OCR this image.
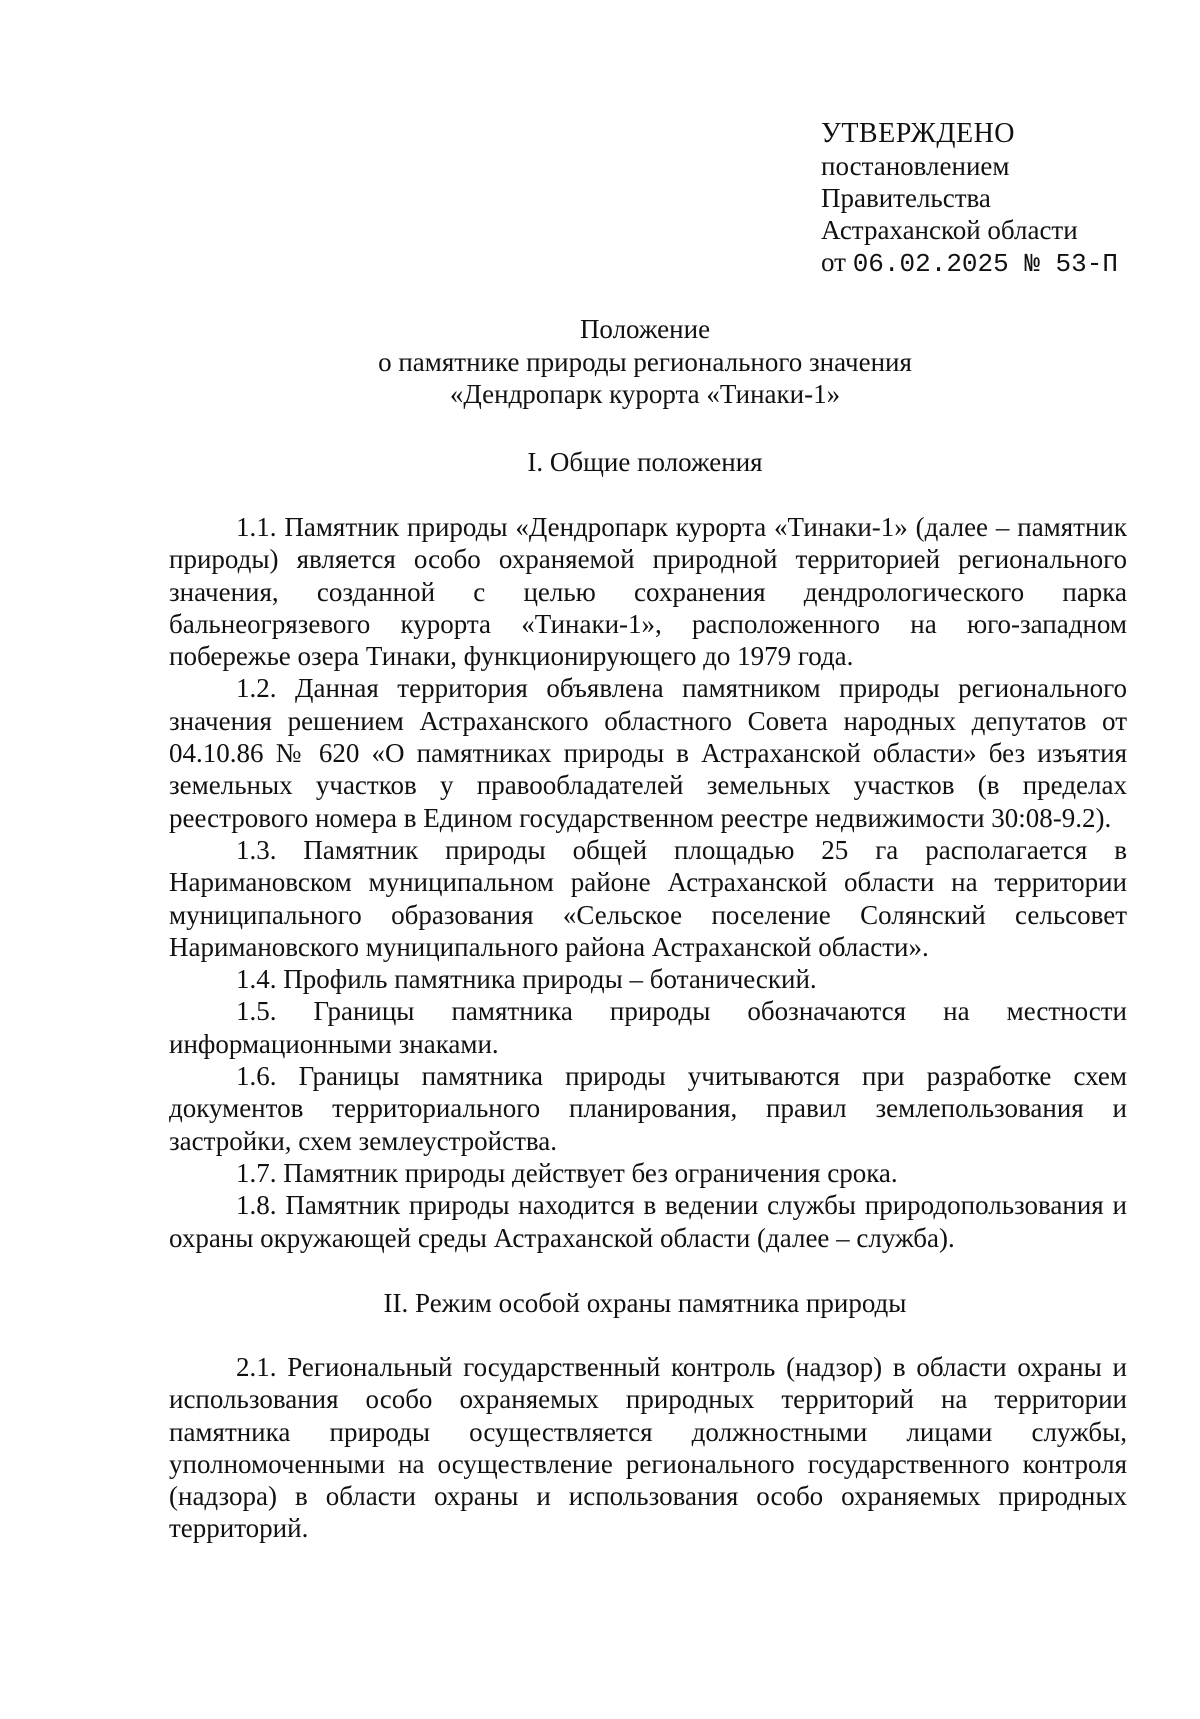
УТВЕРЖДЕНО
постановлением
Правительства
Астраханской области
от 06.02.2025 № 53-П
Положение
о памятнике природы регионального значения
«Дендропарк курорта «Тинаки-1»
I. Общие положения

1.1. Памятник природы «Дендропарк курорта «Тинаки-1» (далее – памятник природы) является особо охраняемой природной территорией регионального значения, созданной с целью сохранения дендрологического парка бальнеогрязевого курорта «Тинаки-1», расположенного на юго-западном побережье озера Тинаки, функционирующего до 1979 года.

1.2. Данная территория объявлена памятником природы регионального значения решением Астраханского областного Совета народных депутатов от 04.10.86 № 620 «О памятниках природы в Астраханской области» без изъятия земельных участков у правообладателей земельных участков (в пределах реестрового номера в Едином государственном реестре недвижимости 30:08-9.2).

1.3. Памятник природы общей площадью 25 га располагается в Наримановском муниципальном районе Астраханской области на территории муниципального образования «Сельское поселение Солянский сельсовет Наримановского муниципального района Астраханской области».

1.4. Профиль памятника природы – ботанический.

1.5. Границы памятника природы обозначаются на местности информационными знаками.

1.6. Границы памятника природы учитываются при разработке схем документов территориального планирования, правил землепользования и застройки, схем землеустройства.

1.7. Памятник природы действует без ограничения срока.

1.8. Памятник природы находится в ведении службы природопользования и охраны окружающей среды Астраханской области (далее – служба).

II. Режим особой охраны памятника природы

2.1. Региональный государственный контроль (надзор) в области охраны и использования особо охраняемых природных территорий на территории памятника природы осуществляется должностными лицами службы, уполномоченными на осуществление регионального государственного контроля (надзора) в области охраны и использования особо охраняемых природных территорий.
